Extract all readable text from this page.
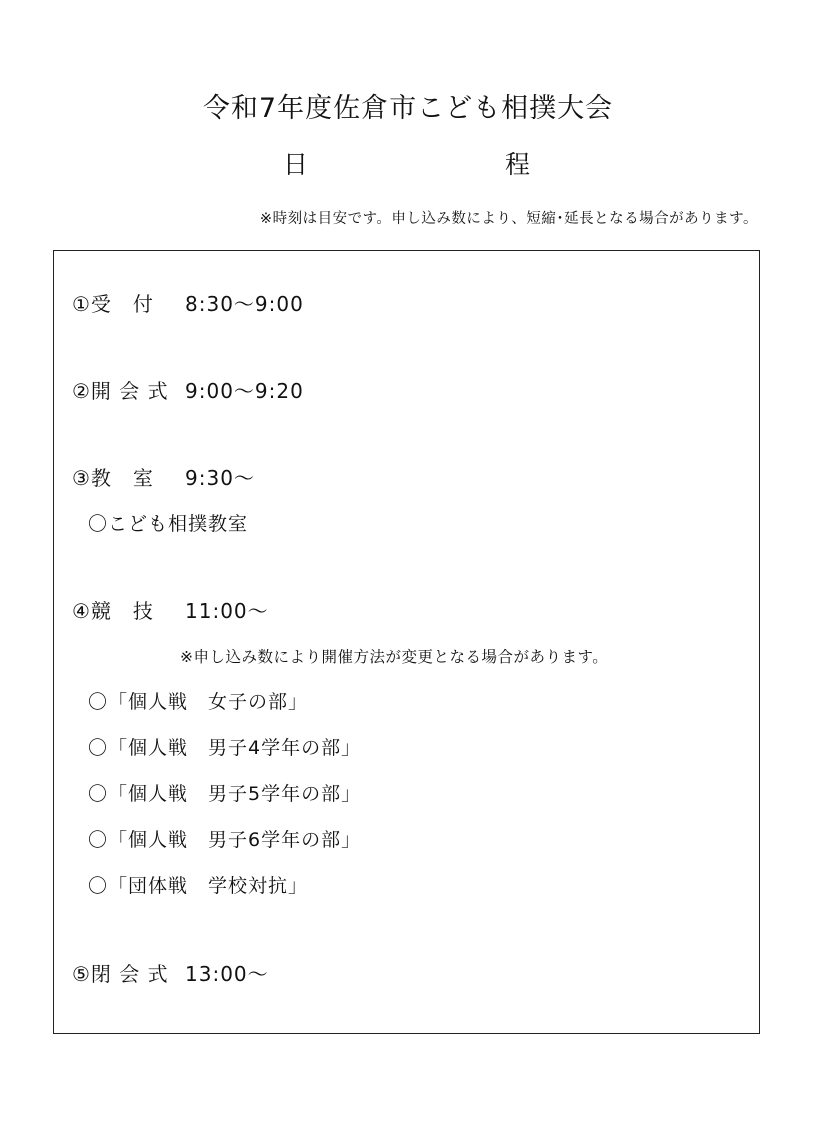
令和7年度佐倉市こども相撲大会
日	程
※時刻は目安です。申し込み数により、短縮･延長となる場合があります。
①受　付 8:30～9:00
②開 会 式 9:00～9:20
③教　室 9:30～
〇こども相撲教室
④競　技 11:00～
※申し込み数により開催方法が変更となる場合があります。
〇「個人戦　女子の部」
〇「個人戦　男子4学年の部」
〇「個人戦　男子5学年の部」
〇「個人戦　男子6学年の部」
〇「団体戦　学校対抗」
⑤閉 会 式 13:00～
